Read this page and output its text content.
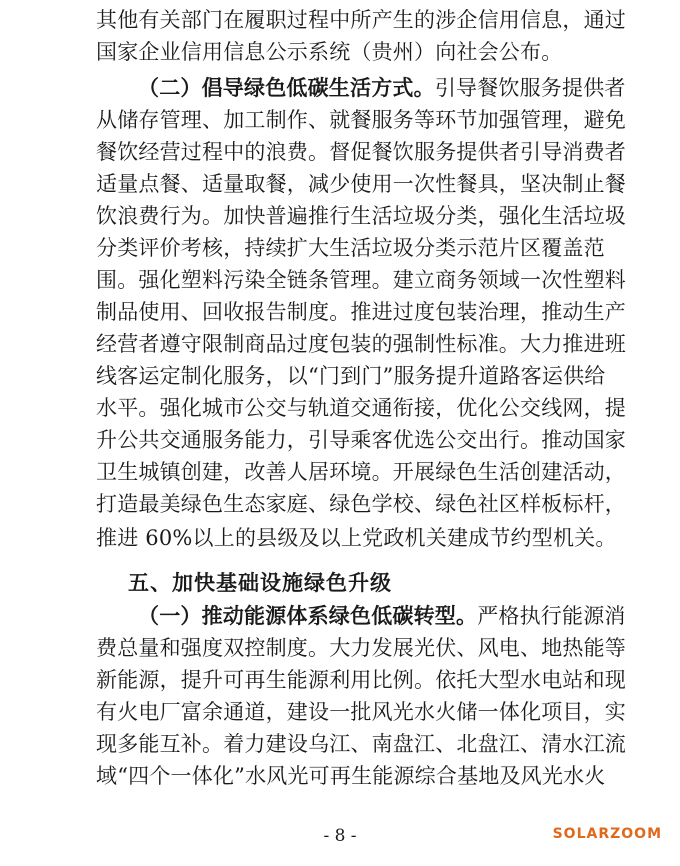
其他有关部门在履职过程中所产生的涉企信用信息，通过
国家企业信用信息公示系统（贵州）向社会公布。
（二）倡导绿色低碳生活方式。引导餐饮服务提供者
从储存管理、加工制作、就餐服务等环节加强管理，避免
餐饮经营过程中的浪费。督促餐饮服务提供者引导消费者
适量点餐、适量取餐，减少使用一次性餐具，坚决制止餐
饮浪费行为。加快普遍推行生活垃圾分类，强化生活垃圾
分类评价考核，持续扩大生活垃圾分类示范片区覆盖范
围。强化塑料污染全链条管理。建立商务领域一次性塑料
制品使用、回收报告制度。推进过度包装治理，推动生产
经营者遵守限制商品过度包装的强制性标准。大力推进班
线客运定制化服务，以“门到门”服务提升道路客运供给
水平。强化城市公交与轨道交通衔接，优化公交线网，提
升公共交通服务能力，引导乘客优选公交出行。推动国家
卫生城镇创建，改善人居环境。开展绿色生活创建活动，
打造最美绿色生态家庭、绿色学校、绿色社区样板标杆，
推进 60%以上的县级及以上党政机关建成节约型机关。
五、加快基础设施绿色升级
（一）推动能源体系绿色低碳转型。严格执行能源消
费总量和强度双控制度。大力发展光伏、风电、地热能等
新能源，提升可再生能源利用比例。依托大型水电站和现
有火电厂富余通道，建设一批风光水火储一体化项目，实
现多能互补。着力建设乌江、南盘江、北盘江、清水江流
域“四个一体化”水风光可再生能源综合基地及风光水火
- 8 -	SOLARZOOM
